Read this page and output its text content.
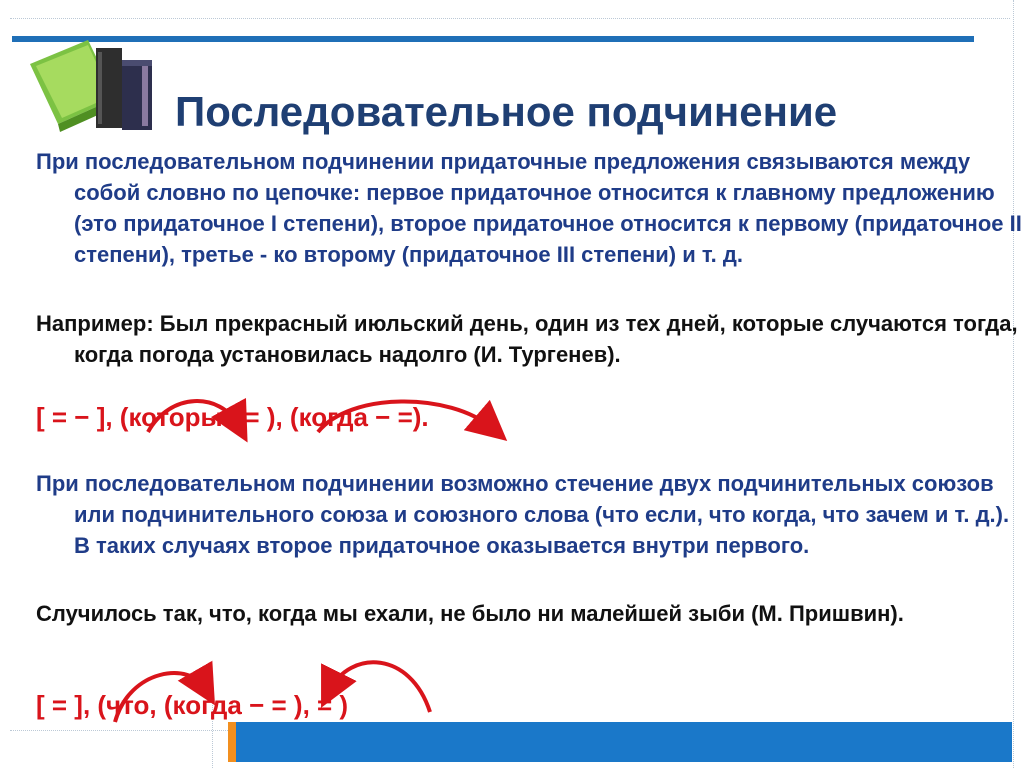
Последовательное подчинение

При последовательном подчинении придаточные предложения связываются между собой словно по цепочке: первое придаточное относится к главному предложению (это придаточное I степени), второе придаточное относится к первому (придаточное II степени), третье - ко второму (придаточное III степени) и т. д.

Например: Был прекрасный июльский день, один из тех дней, которые случаются тогда, когда погода установилась надолго (И. Тургенев).

[ = − ], (которые = ), (когда − =).

При последовательном подчинении возможно стечение двух подчинительных союзов или подчинительного союза и союзного слова (что если, что когда, что зачем и т. д.). В таких случаях второе придаточное оказывается внутри первого.

Случилось так, что, когда мы ехали, не было ни малейшей зыби (М. Пришвин).

[ = ], (что, (когда − = ), = )
